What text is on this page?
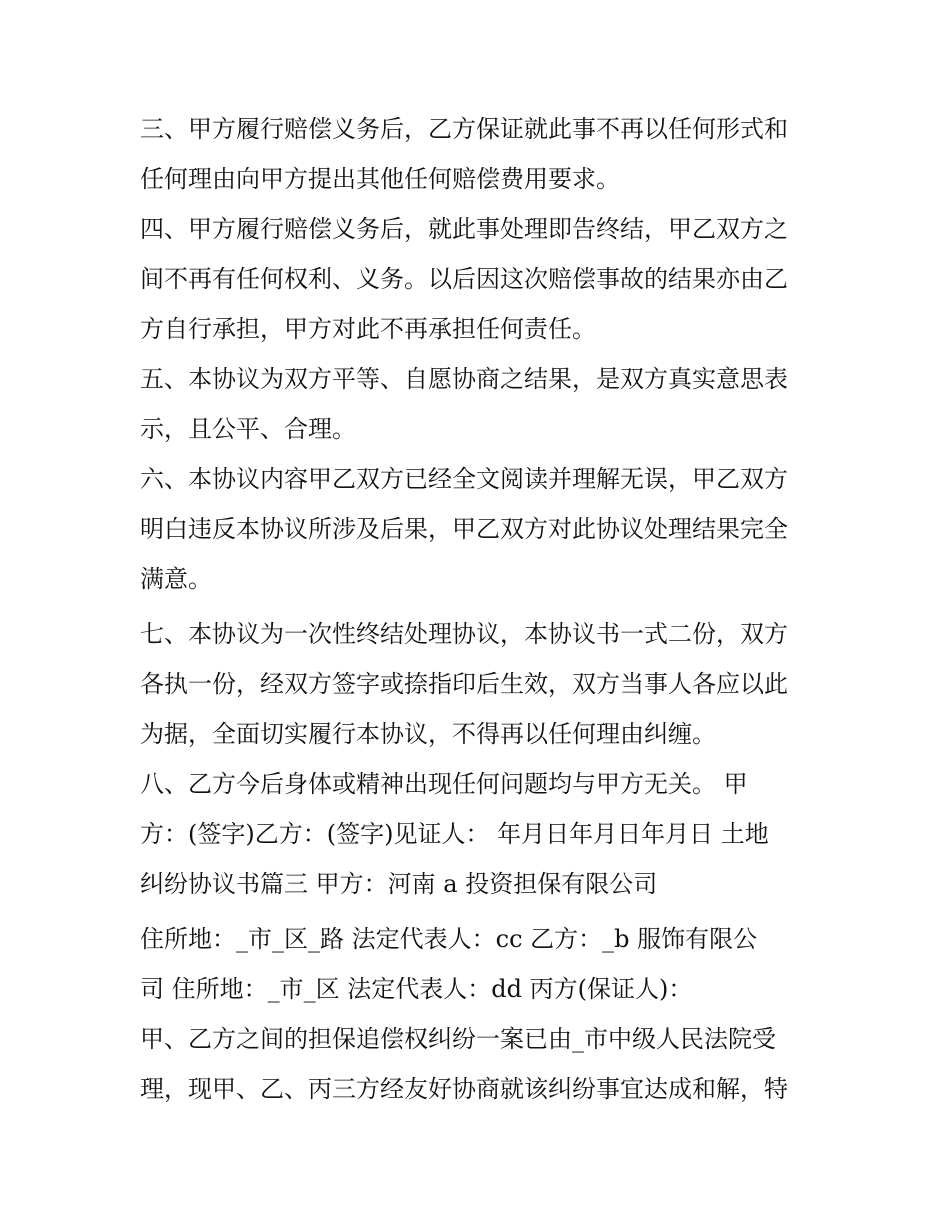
三、甲方履行赔偿义务后，乙方保证就此事不再以任何形式和
任何理由向甲方提出其他任何赔偿费用要求。
四、甲方履行赔偿义务后，就此事处理即告终结，甲乙双方之
间不再有任何权利、义务。以后因这次赔偿事故的结果亦由乙
方自行承担，甲方对此不再承担任何责任。
五、本协议为双方平等、自愿协商之结果，是双方真实意思表
示，且公平、合理。
六、本协议内容甲乙双方已经全文阅读并理解无误，甲乙双方
明白违反本协议所涉及后果，甲乙双方对此协议处理结果完全
满意。
七、本协议为一次性终结处理协议，本协议书一式二份，双方
各执一份，经双方签字或捺指印后生效，双方当事人各应以此
为据，全面切实履行本协议，不得再以任何理由纠缠。
八、乙方今后身体或精神出现任何问题均与甲方无关。 甲
方：(签字)乙方：(签字)见证人： 年月日年月日年月日 土地
纠纷协议书篇三 甲方：河南 a 投资担保有限公司
住所地：_市_区_路 法定代表人：cc 乙方：_b 服饰有限公
司 住所地：_市_区 法定代表人：dd 丙方(保证人)：
甲、乙方之间的担保追偿权纠纷一案已由_市中级人民法院受
理，现甲、乙、丙三方经友好协商就该纠纷事宜达成和解，特
